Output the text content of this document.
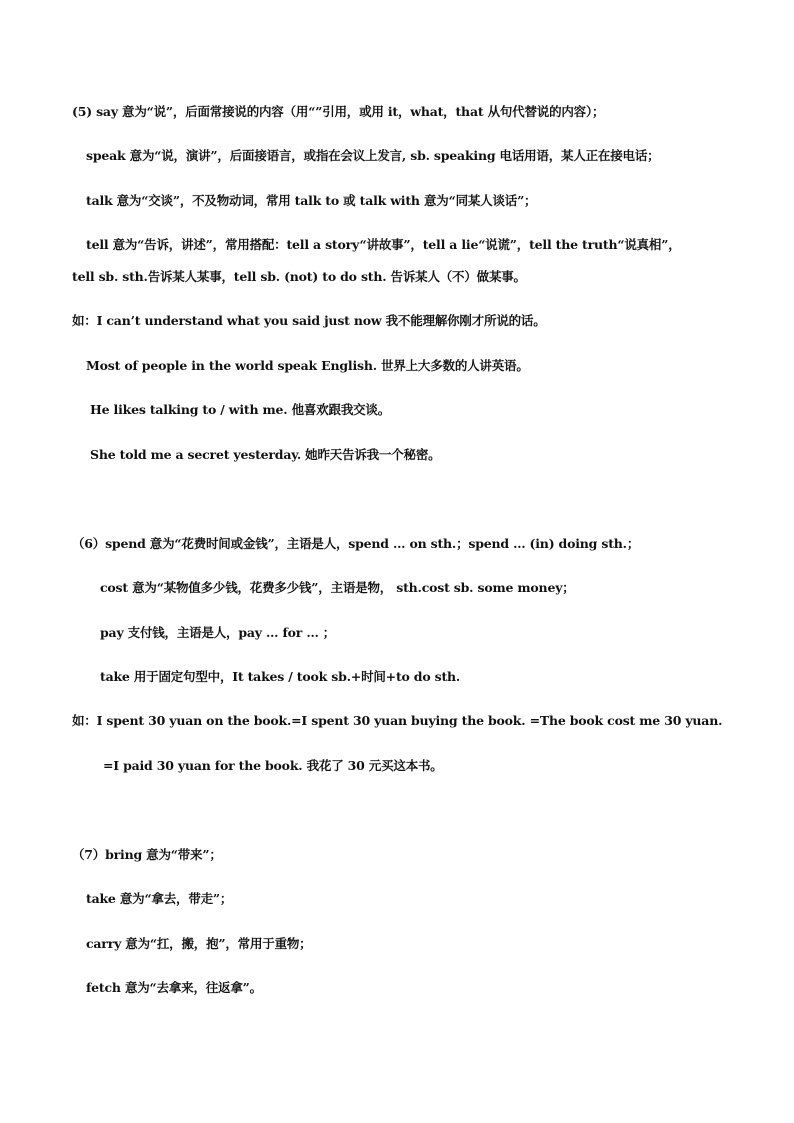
(5) say 意为“说”，后面常接说的内容（用“”引用，或用 it，what，that 从句代替说的内容）；
speak 意为“说，演讲”，后面接语言，或指在会议上发言, sb. speaking 电话用语，某人正在接电话；
talk 意为“交谈”，不及物动词，常用 talk to 或 talk with 意为“同某人谈话”；
tell 意为“告诉，讲述”，常用搭配：tell a story“讲故事”，tell a lie“说谎”，tell the truth“说真相”，
tell sb. sth.告诉某人某事，tell sb. (not) to do sth. 告诉某人（不）做某事。
如：I can’t understand what you said just now 我不能理解你刚才所说的话。
Most of people in the world speak English. 世界上大多数的人讲英语。
He likes talking to / with me. 他喜欢跟我交谈。
She told me a secret yesterday. 她昨天告诉我一个秘密。
（6）spend 意为“花费时间或金钱”，主语是人，spend … on sth.；spend … (in) doing sth.；
cost 意为“某物值多少钱，花费多少钱”，主语是物， sth.cost sb. some money；
pay 支付钱，主语是人，pay … for … ；
take 用于固定句型中，It takes / took sb.+时间+to do sth.
如：I spent 30 yuan on the book.=I spent 30 yuan buying the book. =The book cost me 30 yuan.
=I paid 30 yuan for the book. 我花了 30 元买这本书。
（7）bring 意为“带来”；
take 意为“拿去，带走”；
carry 意为“扛，搬，抱”，常用于重物；
fetch 意为“去拿来，往返拿”。
